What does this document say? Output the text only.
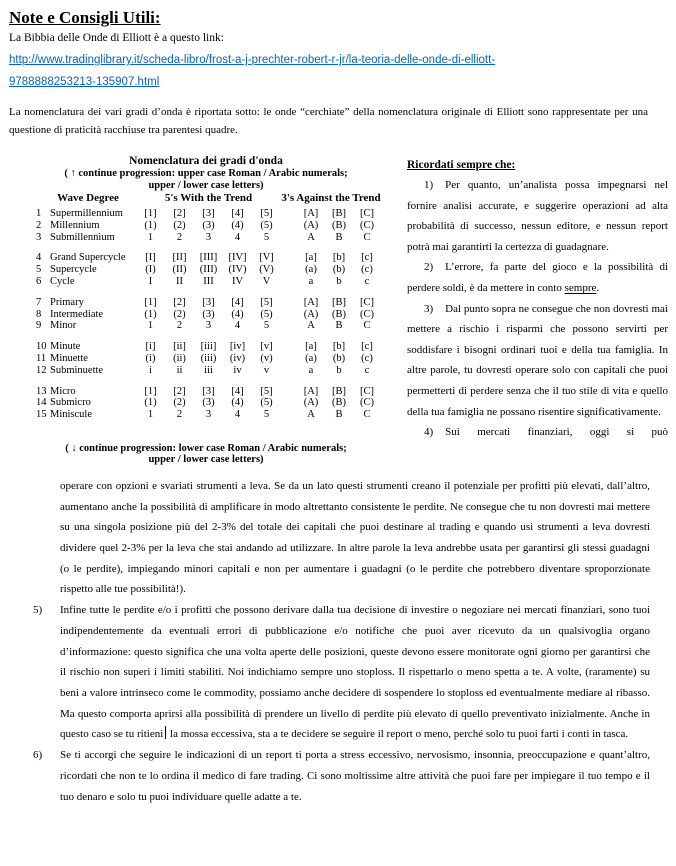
Note e Consigli Utili:

La Bibbia delle Onde di Elliott è a questo link:

http://www.tradinglibrary.it/scheda-libro/frost-a-j-prechter-robert-r-jr/la-teoria-delle-onde-di-elliott-
9788888253213-135907.html

La nomenclatura dei vari gradi d’onda è riportata sotto: le onde “cerchiate” della nomenclatura originale di Elliott sono rappresentate per una questione di praticità racchiuse tra parentesi quadre.

Nomenclatura dei gradi d'onda
( ↑ continue progression: upper case Roman / Arabic numerals;
upper / lower case letters)
Wave Degree	5's With the Trend	3's Against the Trend
1 Supermillennium	[1]	[2]	[3]	[4]	[5]	[A]	[B]	[C]
2 Millennium	(1)	(2)	(3)	(4)	(5)	(A)	(B)	(C)
3 Submillennium	1	2	3	4	5	A	B	C
4 Grand Supercycle	[I]	[II]	[III]	[IV]	[V]	[a]	[b]	[c]
5 Supercycle	(I)	(II)	(III)	(IV)	(V)	(a)	(b)	(c)
6 Cycle	I	II	III	IV	V	a	b	c
7 Primary	[1]	[2]	[3]	[4]	[5]	[A]	[B]	[C]
8 Intermediate	(1)	(2)	(3)	(4)	(5)	(A)	(B)	(C)
9 Minor	1	2	3	4	5	A	B	C
10 Minute	[i]	[ii]	[iii]	[iv]	[v]	[a]	[b]	[c]
11 Minuette	(i)	(ii)	(iii)	(iv)	(v)	(a)	(b)	(c)
12 Subminuette	i	ii	iii	iv	v	a	b	c
13 Micro	[1]	[2]	[3]	[4]	[5]	[A]	[B]	[C]
14 Submicro	(1)	(2)	(3)	(4)	(5)	(A)	(B)	(C)
15 Miniscule	1	2	3	4	5	A	B	C
( ↓ continue progression: lower case Roman / Arabic numerals;
upper / lower case letters)
Ricordati sempre che:

1) Per quanto, un’analista possa impegnarsi nel fornire analisi accurate, e suggerire operazioni ad alta probabilità di successo, nessun editore, e nessun report potrà mai garantirti la certezza di guadagnare.

2) L’errore, fa parte del gioco e la possibilità di perdere soldi, è da mettere in conto sempre.

3) Dal punto sopra ne consegue che non dovresti mai mettere a rischio i risparmi che possono servirti per soddisfare i bisogni ordinari tuoi e della tua famiglia. In altre parole, tu dovresti operare solo con capitali che puoi permetterti di perdere senza che il tuo stile di vita e quello della tua famiglia ne possano risentire significativamente.

4) Sui mercati finanziari, oggi si può

operare con opzioni e svariati strumenti a leva. Se da un lato questi strumenti creano il potenziale per profitti più elevati, dall’altro, aumentano anche la possibilità di amplificare in modo altrettanto consistente le perdite. Ne consegue che tu non dovresti mai mettere su una singola posizione più del 2-3% del totale dei capitali che puoi destinare al trading e quando usi strumenti a leva dovresti dividere quel 2-3% per la leva che stai andando ad utilizzare. In altre parole la leva andrebbe usata per garantirsi gli stessi guadagni (o le perdite), impiegando minori capitali e non per aumentare i guadagni (o le perdite che potrebbero diventare sproporzionate rispetto alle tue possibilità!).

5)	Infine tutte le perdite e/o i profitti che possono derivare dalla tua decisione di investire o negoziare nei mercati finanziari, sono tuoi indipendentemente da eventuali errori di pubblicazione e/o notifiche che puoi aver ricevuto da un qualsivoglia organo d’informazione: questo significa che una volta aperte delle posizioni, queste devono essere monitorate ogni giorno per garantirsi che il rischio non superi i limiti stabiliti. Noi indichiamo sempre uno stoploss. Il rispettarlo o meno spetta a te. A volte, (raramente) su beni a valore intrinseco come le commodity, possiamo anche decidere di sospendere lo stoploss ed eventualmente mediare al ribasso. Ma questo comporta aprirsi alla possibilità di prendere un livello di perdite più elevato di quello preventivato inizialmente. Anche in questo caso se tu ritieni la mossa eccessiva, sta a te decidere se seguire il report o meno, perché solo tu puoi farti i conti in tasca.
6)	Se ti accorgi che seguire le indicazioni di un report ti porta a stress eccessivo, nervosismo, insonnia, preoccupazione e quant’altro, ricordati che non te lo ordina il medico di fare trading. Ci sono moltissime altre attività che puoi fare per impiegare il tuo tempo e il tuo denaro e solo tu puoi individuare quelle adatte a te.
